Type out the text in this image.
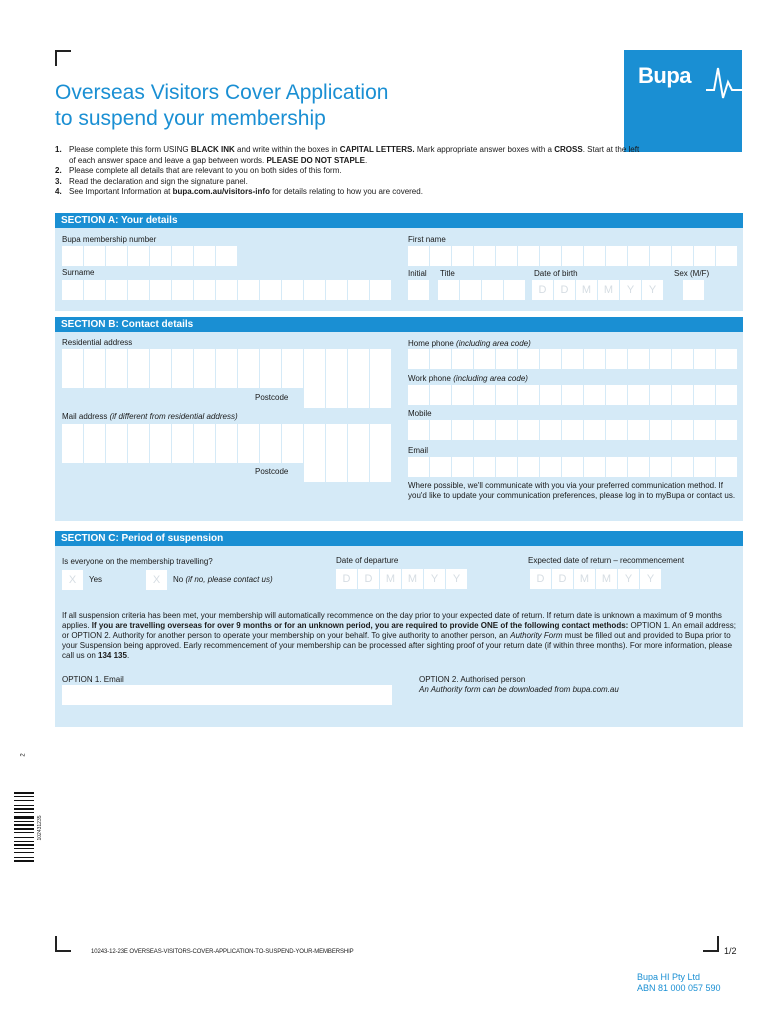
Overseas Visitors Cover Application
to suspend your membership
Bupa
1. Please complete this form USING BLACK INK and write within the boxes in CAPITAL LETTERS. Mark appropriate answer boxes with a CROSS. Start at the left of each answer space and leave a gap between words. PLEASE DO NOT STAPLE.
2. Please complete all details that are relevant to you on both sides of this form.
3. Read the declaration and sign the signature panel.
4. See Important Information at bupa.com.au/visitors-info for details relating to how you are covered.
SECTION A: Your details
Bupa membership number	First name
Surname	Initial Title	Date of birth
D	D	M	M	Y	Y
Sex (M/F)
SECTION B: Contact details
Residential address
Postcode
Home phone (including area code)
Work phone (including area code)
Mail address (if different from residential address)
Postcode
Mobile
Email
Where possible, we'll communicate with you via your preferred communication method. If you'd like to update your communication preferences, please log in to myBupa or contact us.
SECTION C: Period of suspension
Is everyone on the membership travelling?
X	Yes	X	No (if no, please contact us)
Date of departure
D	D	M	M	Y	Y
Expected date of return – recommencement
D	D	M	M	Y	Y
If all suspension criteria has been met, your membership will automatically recommence on the day prior to your expected date of return. If return date is unknown a maximum of 9 months applies. If you are travelling overseas for over 9 months or for an unknown period, you are required to provide ONE of the following contact methods: OPTION 1. An email address; or OPTION 2. Authority for another person to operate your membership on your behalf. To give authority to another person, an Authority Form must be filled out and provided to Bupa prior to your Suspension being approved. Early recommencement of your membership can be processed after sighting proof of your return date (if within three months). For more information, please call us on 134 135.
OPTION 1. Email	OPTION 2. Authorised person
An Authority form can be downloaded from bupa.com.au
2
102431235
10243-12-23E OVERSEAS-VISITORS-COVER-APPLICATION-TO-SUSPEND-YOUR-MEMBERSHIP	1/2
Bupa HI Pty Ltd
ABN 81 000 057 590
